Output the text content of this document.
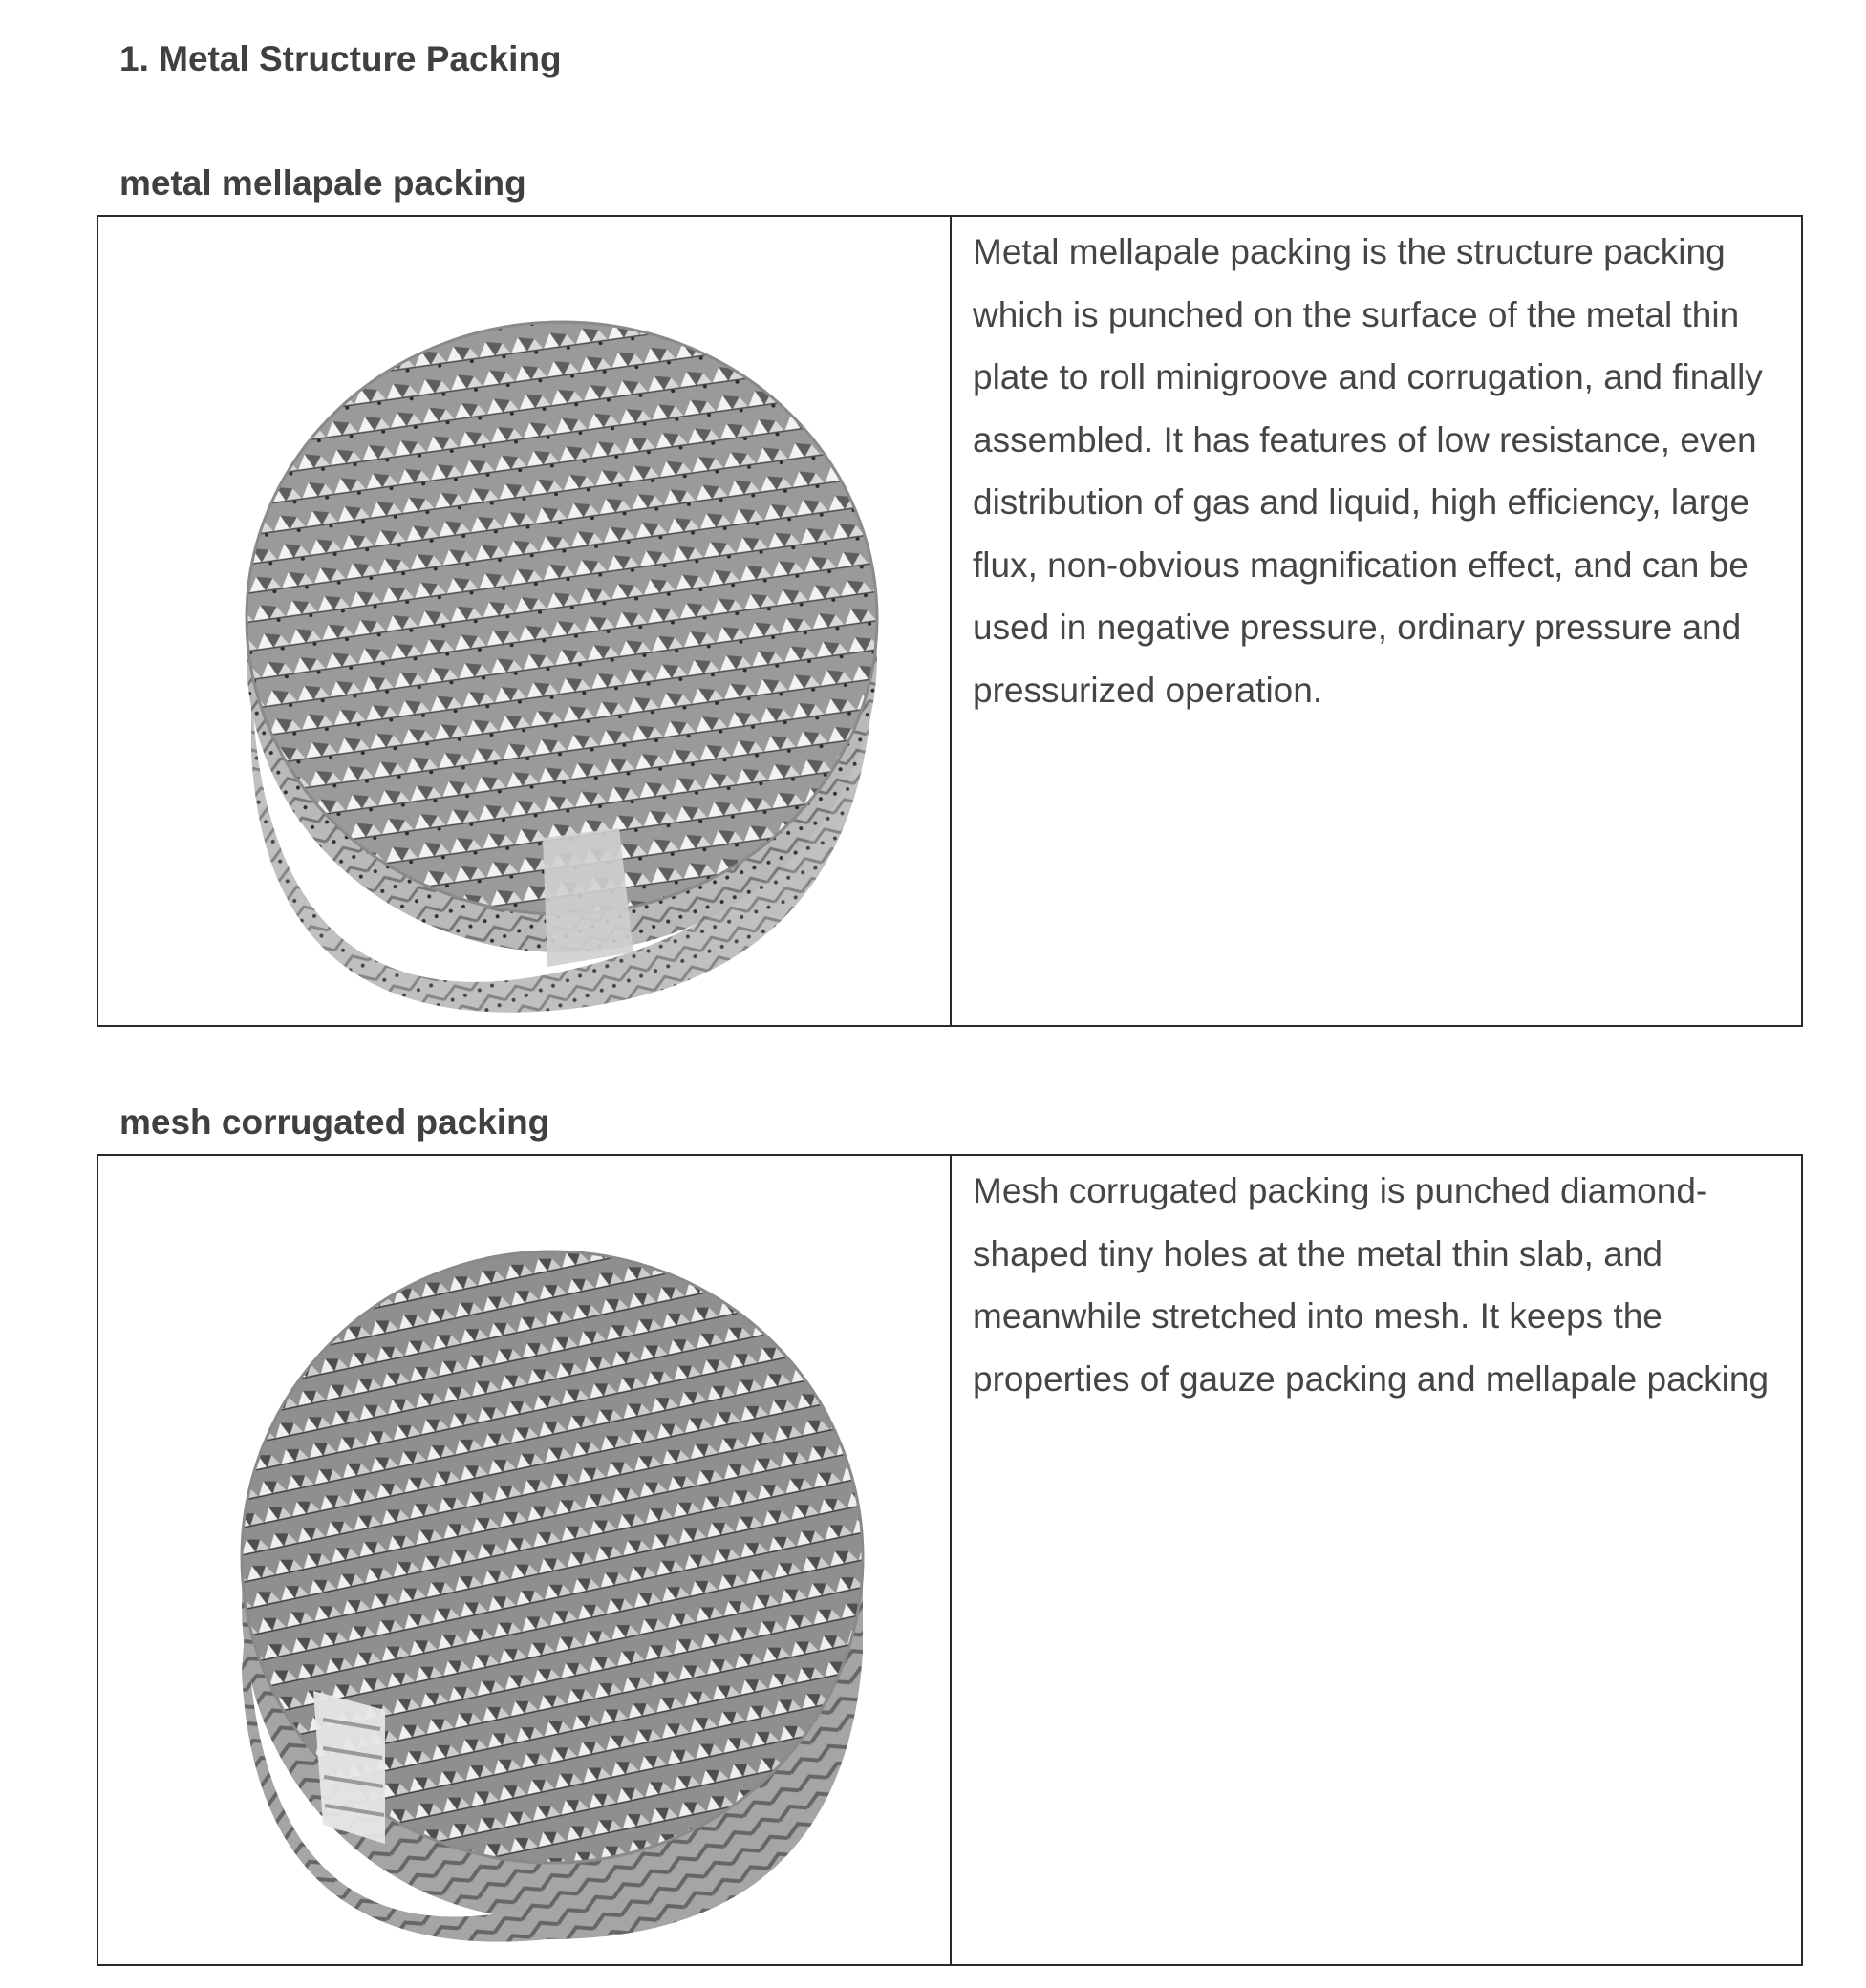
1. Metal Structure Packing
metal mellapale packing

Metal mellapale packing is the structure packing which is punched on the surface of the metal thin plate to roll minigroove and corrugation, and finally assembled. It has features of low resistance, even distribution of gas and liquid, high efficiency, large flux, non-obvious magnification effect, and can be used in negative pressure, ordinary pressure and pressurized operation.

mesh corrugated packing

Mesh corrugated packing is punched diamond-shaped tiny holes at the metal thin slab, and meanwhile stretched into mesh. It keeps the properties of gauze packing and mellapale packing
